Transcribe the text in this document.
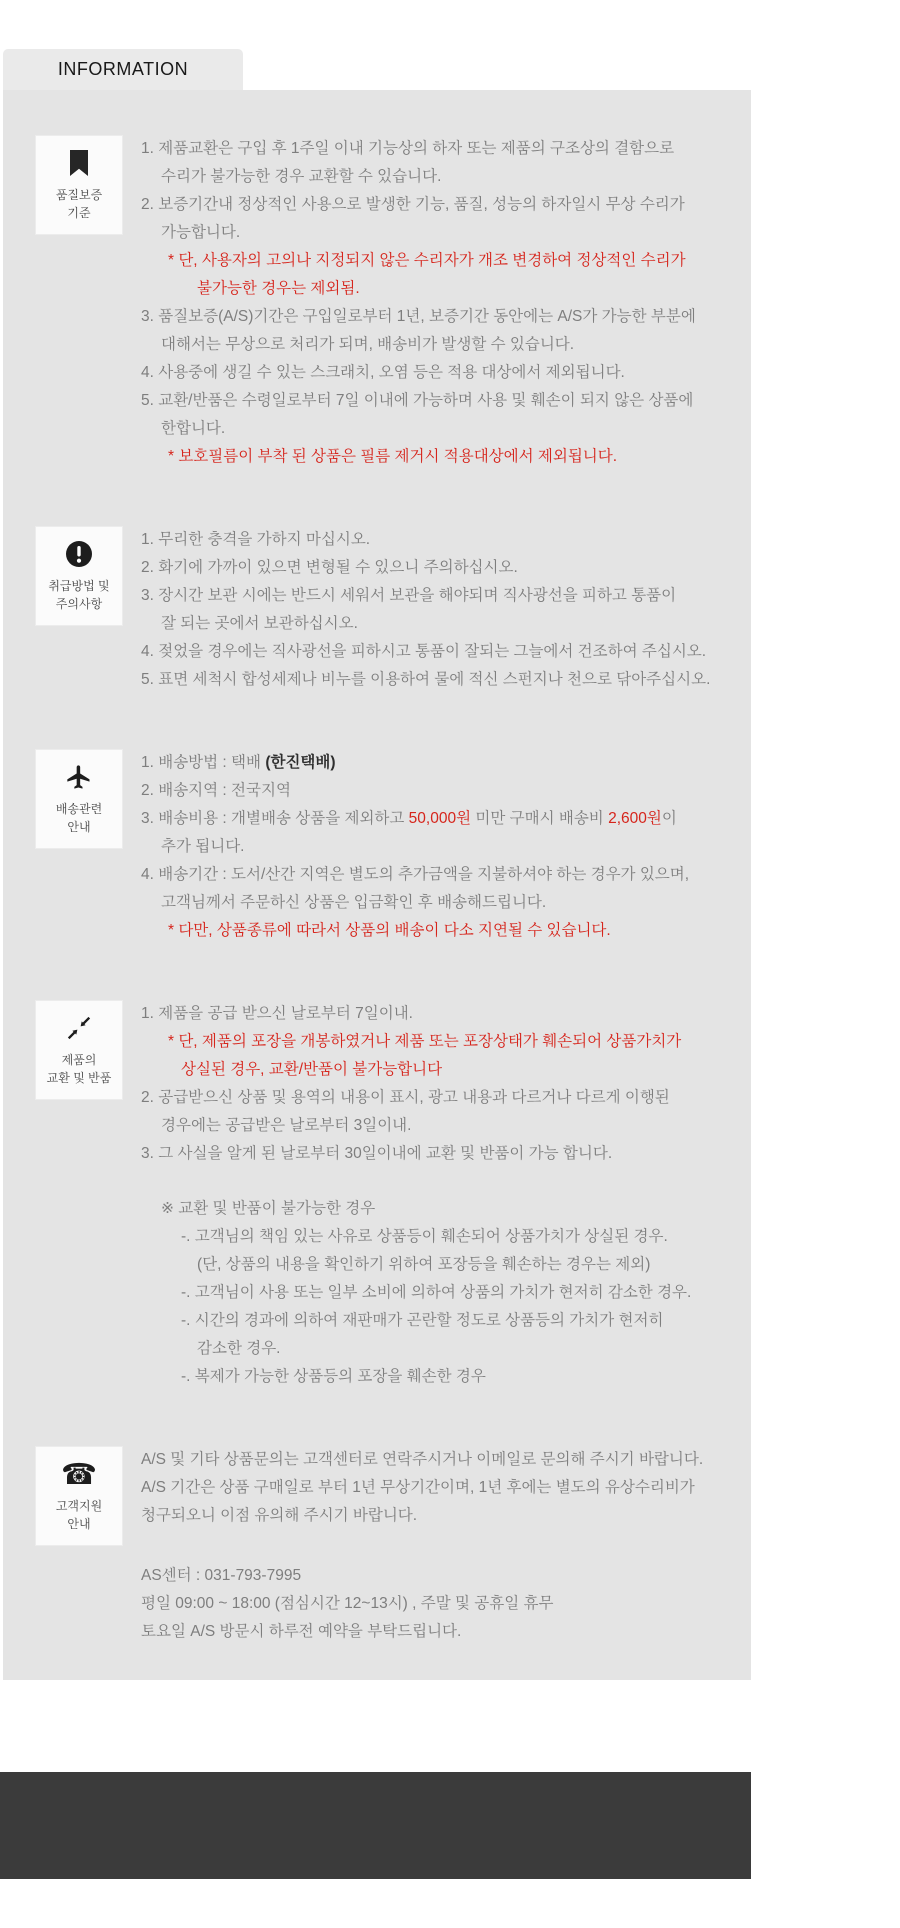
INFORMATION
품질보증
기준
1. 제품교환은 구입 후 1주일 이내 기능상의 하자 또는 제품의 구조상의 결함으로
수리가 불가능한 경우 교환할 수 있습니다.
2. 보증기간내 정상적인 사용으로 발생한 기능, 품질, 성능의 하자일시 무상 수리가
가능합니다.
* 단, 사용자의 고의나 지정되지 않은 수리자가 개조 변경하여 정상적인 수리가
불가능한 경우는 제외됨.
3. 품질보증(A/S)기간은 구입일로부터 1년, 보증기간 동안에는 A/S가 가능한 부분에
대해서는 무상으로 처리가 되며, 배송비가 발생할 수 있습니다.
4. 사용중에 생길 수 있는 스크래치, 오염 등은 적용 대상에서 제외됩니다.
5. 교환/반품은 수령일로부터 7일 이내에 가능하며 사용 및 훼손이 되지 않은 상품에
한합니다.
* 보호필름이 부착 된 상품은 필름 제거시 적용대상에서 제외됩니다.
취급방법 및
주의사항
1. 무리한 충격을 가하지 마십시오.
2. 화기에 가까이 있으면 변형될 수 있으니 주의하십시오.
3. 장시간 보관 시에는 반드시 세워서 보관을 해야되며 직사광선을 피하고 통품이
잘 되는 곳에서 보관하십시오.
4. 젖었을 경우에는 직사광선을 피하시고 통품이 잘되는 그늘에서 건조하여 주십시오.
5. 표면 세척시 합성세제나 비누를 이용하여 물에 적신 스펀지나 천으로 닦아주십시오.
배송관련
안내
1. 배송방법 : 택배 (한진택배)
2. 배송지역 : 전국지역
3. 배송비용 : 개별배송 상품을 제외하고 50,000원 미만 구매시 배송비 2,600원이
추가 됩니다.
4. 배송기간 : 도서/산간 지역은 별도의 추가금액을 지불하셔야 하는 경우가 있으며,
고객님께서 주문하신 상품은 입금확인 후 배송해드립니다.
* 다만, 상품종류에 따라서 상품의 배송이 다소 지연될 수 있습니다.
제품의
교환 및 반품
1. 제품을 공급 받으신 날로부터 7일이내.
* 단, 제품의 포장을 개봉하였거나 제품 또는 포장상태가 훼손되어 상품가치가
상실된 경우, 교환/반품이 불가능합니다
2. 공급받으신 상품 및 용역의 내용이 표시, 광고 내용과 다르거나 다르게 이행된
경우에는 공급받은 날로부터 3일이내.
3. 그 사실을 알게 된 날로부터 30일이내에 교환 및 반품이 가능 합니다.
※ 교환 및 반품이 불가능한 경우
-. 고객님의 책임 있는 사유로 상품등이 훼손되어 상품가치가 상실된 경우.
(단, 상품의 내용을 확인하기 위하여 포장등을 훼손하는 경우는 제외)
-. 고객님이 사용 또는 일부 소비에 의하여 상품의 가치가 현저히 감소한 경우.
-. 시간의 경과에 의하여 재판매가 곤란할 정도로 상품등의 가치가 현저히
감소한 경우.
-. 복제가 가능한 상품등의 포장을 훼손한 경우
☎
고객지원
안내
A/S 및 기타 상품문의는 고객센터로 연락주시거나 이메일로 문의해 주시기 바랍니다.
A/S 기간은 상품 구매일로 부터 1년 무상기간이며, 1년 후에는 별도의 유상수리비가
청구되오니 이점 유의해 주시기 바랍니다.
AS센터 : 031-793-7995
평일 09:00 ~ 18:00 (점심시간 12~13시) , 주말 및 공휴일 휴무
토요일 A/S 방문시 하루전 예약을 부탁드립니다.
